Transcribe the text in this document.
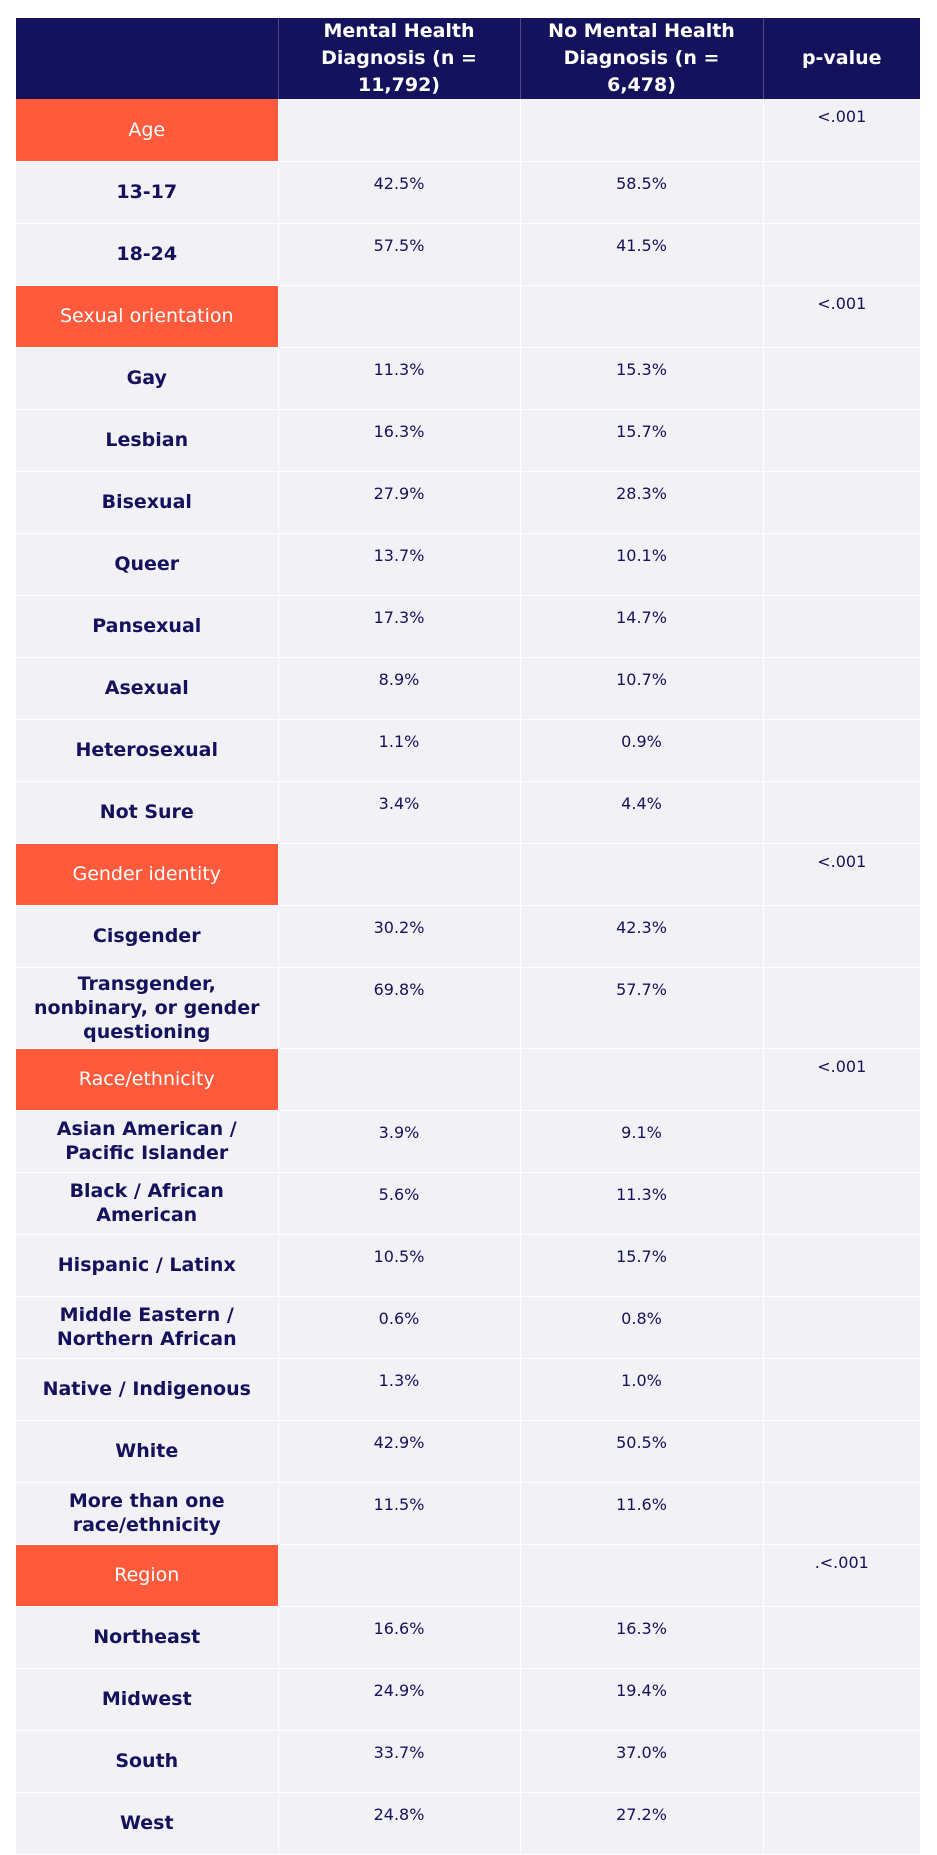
	Mental Health Diagnosis (n = 11,792)	No Mental Health Diagnosis (n = 6,478)	p-value
Age			<.001
13-17	42.5%	58.5%	
18-24	57.5%	41.5%	
Sexual orientation			<.001
Gay	11.3%	15.3%	
Lesbian	16.3%	15.7%	
Bisexual	27.9%	28.3%	
Queer	13.7%	10.1%	
Pansexual	17.3%	14.7%	
Asexual	8.9%	10.7%	
Heterosexual	1.1%	0.9%	
Not Sure	3.4%	4.4%	
Gender identity			<.001
Cisgender	30.2%	42.3%	
Transgender, nonbinary, or gender questioning	69.8%	57.7%	
Race/ethnicity			<.001
Asian American / Pacific Islander	3.9%	9.1%	
Black / African American	5.6%	11.3%	
Hispanic / Latinx	10.5%	15.7%	
Middle Eastern / Northern African	0.6%	0.8%	
Native / Indigenous	1.3%	1.0%	
White	42.9%	50.5%	
More than one race/ethnicity	11.5%	11.6%	
Region			.<.001
Northeast	16.6%	16.3%	
Midwest	24.9%	19.4%	
South	33.7%	37.0%	
West	24.8%	27.2%	
